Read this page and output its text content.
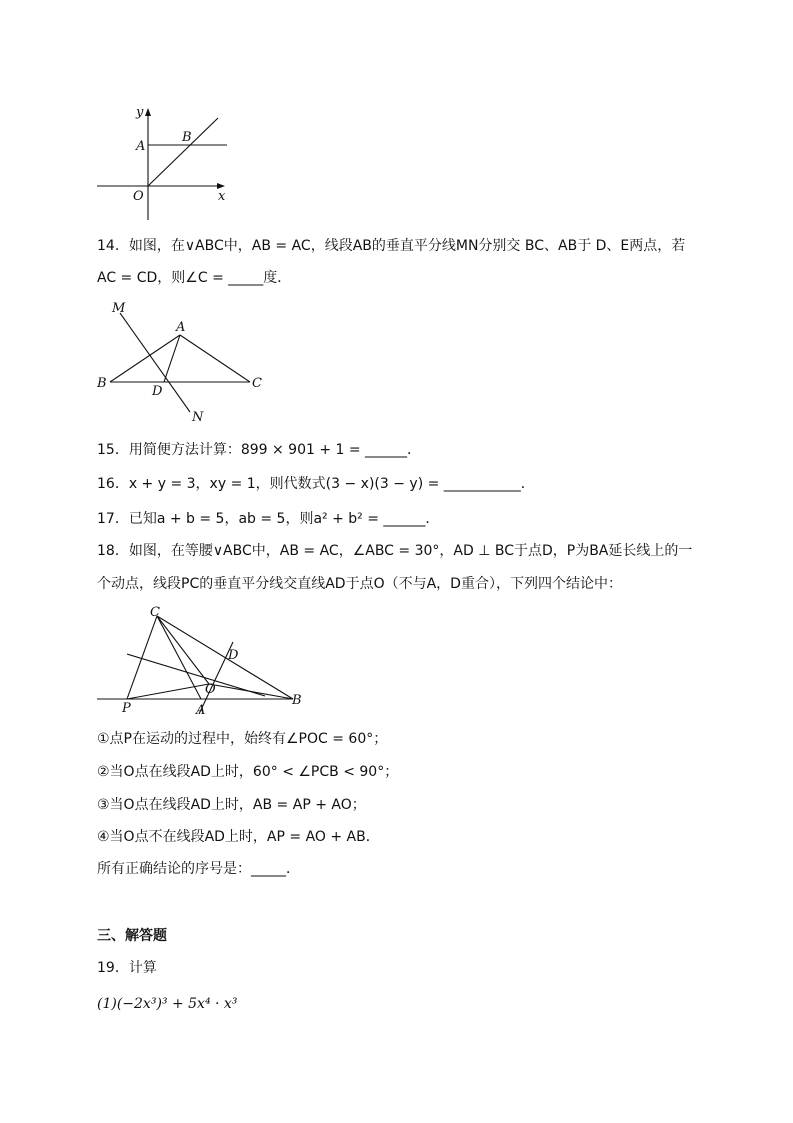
y
x
A
B
O
14．如图，在∨ABC中，AB = AC，线段AB的垂直平分线MN分别交 BC、AB于 D、E两点，若
AC = CD，则∠C = _____度．
M
A
B
D
C
N
15．用简便方法计算：899 × 901 + 1 = ______．
16．x + y = 3，xy = 1，则代数式(3 − x)(3 − y) = ___________．
17．已知a + b = 5，ab = 5，则a² + b² = ______．
18．如图，在等腰∨ABC中，AB = AC，∠ABC = 30°，AD ⊥ BC于点D，P为BA延长线上的一
个动点，线段PC的垂直平分线交直线AD于点O（不与A，D重合），下列四个结论中：
C
D
O
P	A
B
①点P在运动的过程中，始终有∠POC = 60°；
②当O点在线段AD上时，60° < ∠PCB < 90°；
③当O点在线段AD上时，AB = AP + AO；
④当O点不在线段AD上时，AP = AO + AB．
所有正确结论的序号是：_____．
三、解答题
19．计算
(1)(−2x³)³ + 5x⁴ · x³
